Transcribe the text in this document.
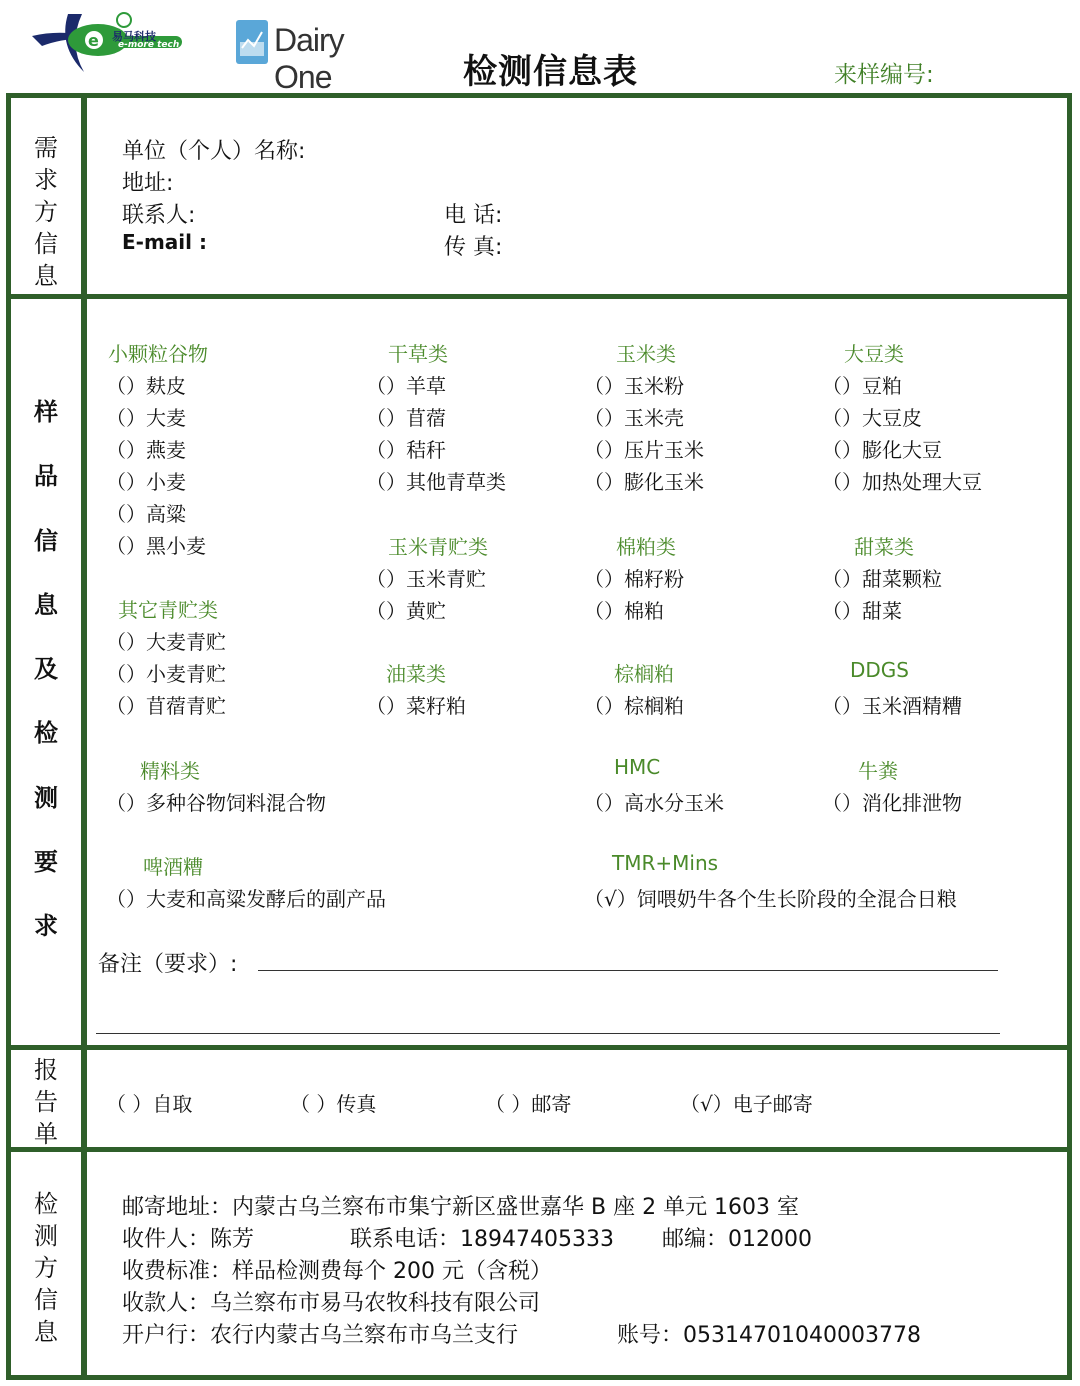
e 易马科技
e-more tech	Dairy One	检测信息表	来样编号:
需
求
方
信
息
单位（个人）名称:
地址:
联系人:	电 话:
E-mail :	传 真:
样
品
信
息
及
检
测
要
求
小颗粒谷物
（）麸皮
（）大麦
（）燕麦
（）小麦
（）高粱
（）黑小麦
干草类
（）羊草
（）苜蓿
（）秸秆
（）其他青草类
玉米类
（）玉米粉
（）玉米壳
（）压片玉米
（）膨化玉米
大豆类
（）豆粕
（）大豆皮
（）膨化大豆
（）加热处理大豆
玉米青贮类
（）玉米青贮
（）黄贮
棉粕类
（）棉籽粉
（）棉粕
甜菜类
（）甜菜颗粒
（）甜菜
其它青贮类
（）大麦青贮
（）小麦青贮
（）苜蓿青贮
油菜类
（）菜籽粕
棕榈粕
（）棕榈粕
DDGS
（）玉米酒精糟
精料类
（）多种谷物饲料混合物
HMC
（）高水分玉米
牛粪
（）消化排泄物
啤酒糟
（）大麦和高粱发酵后的副产品
TMR+Mins
（√）饲喂奶牛各个生长阶段的全混合日粮
备注（要求）:
报
告
单
（ ）自取	（ ）传真	（ ）邮寄	（√）电子邮寄
检
测
方
信
息
邮寄地址：内蒙古乌兰察布市集宁新区盛世嘉华 B 座 2 单元 1603 室
收件人：陈芳	联系电话：18947405333 邮编：012000
收费标准：样品检测费每个 200 元（含税）
收款人：乌兰察布市易马农牧科技有限公司
开户行：农行内蒙古乌兰察布市乌兰支行	账号：05314701040003778
